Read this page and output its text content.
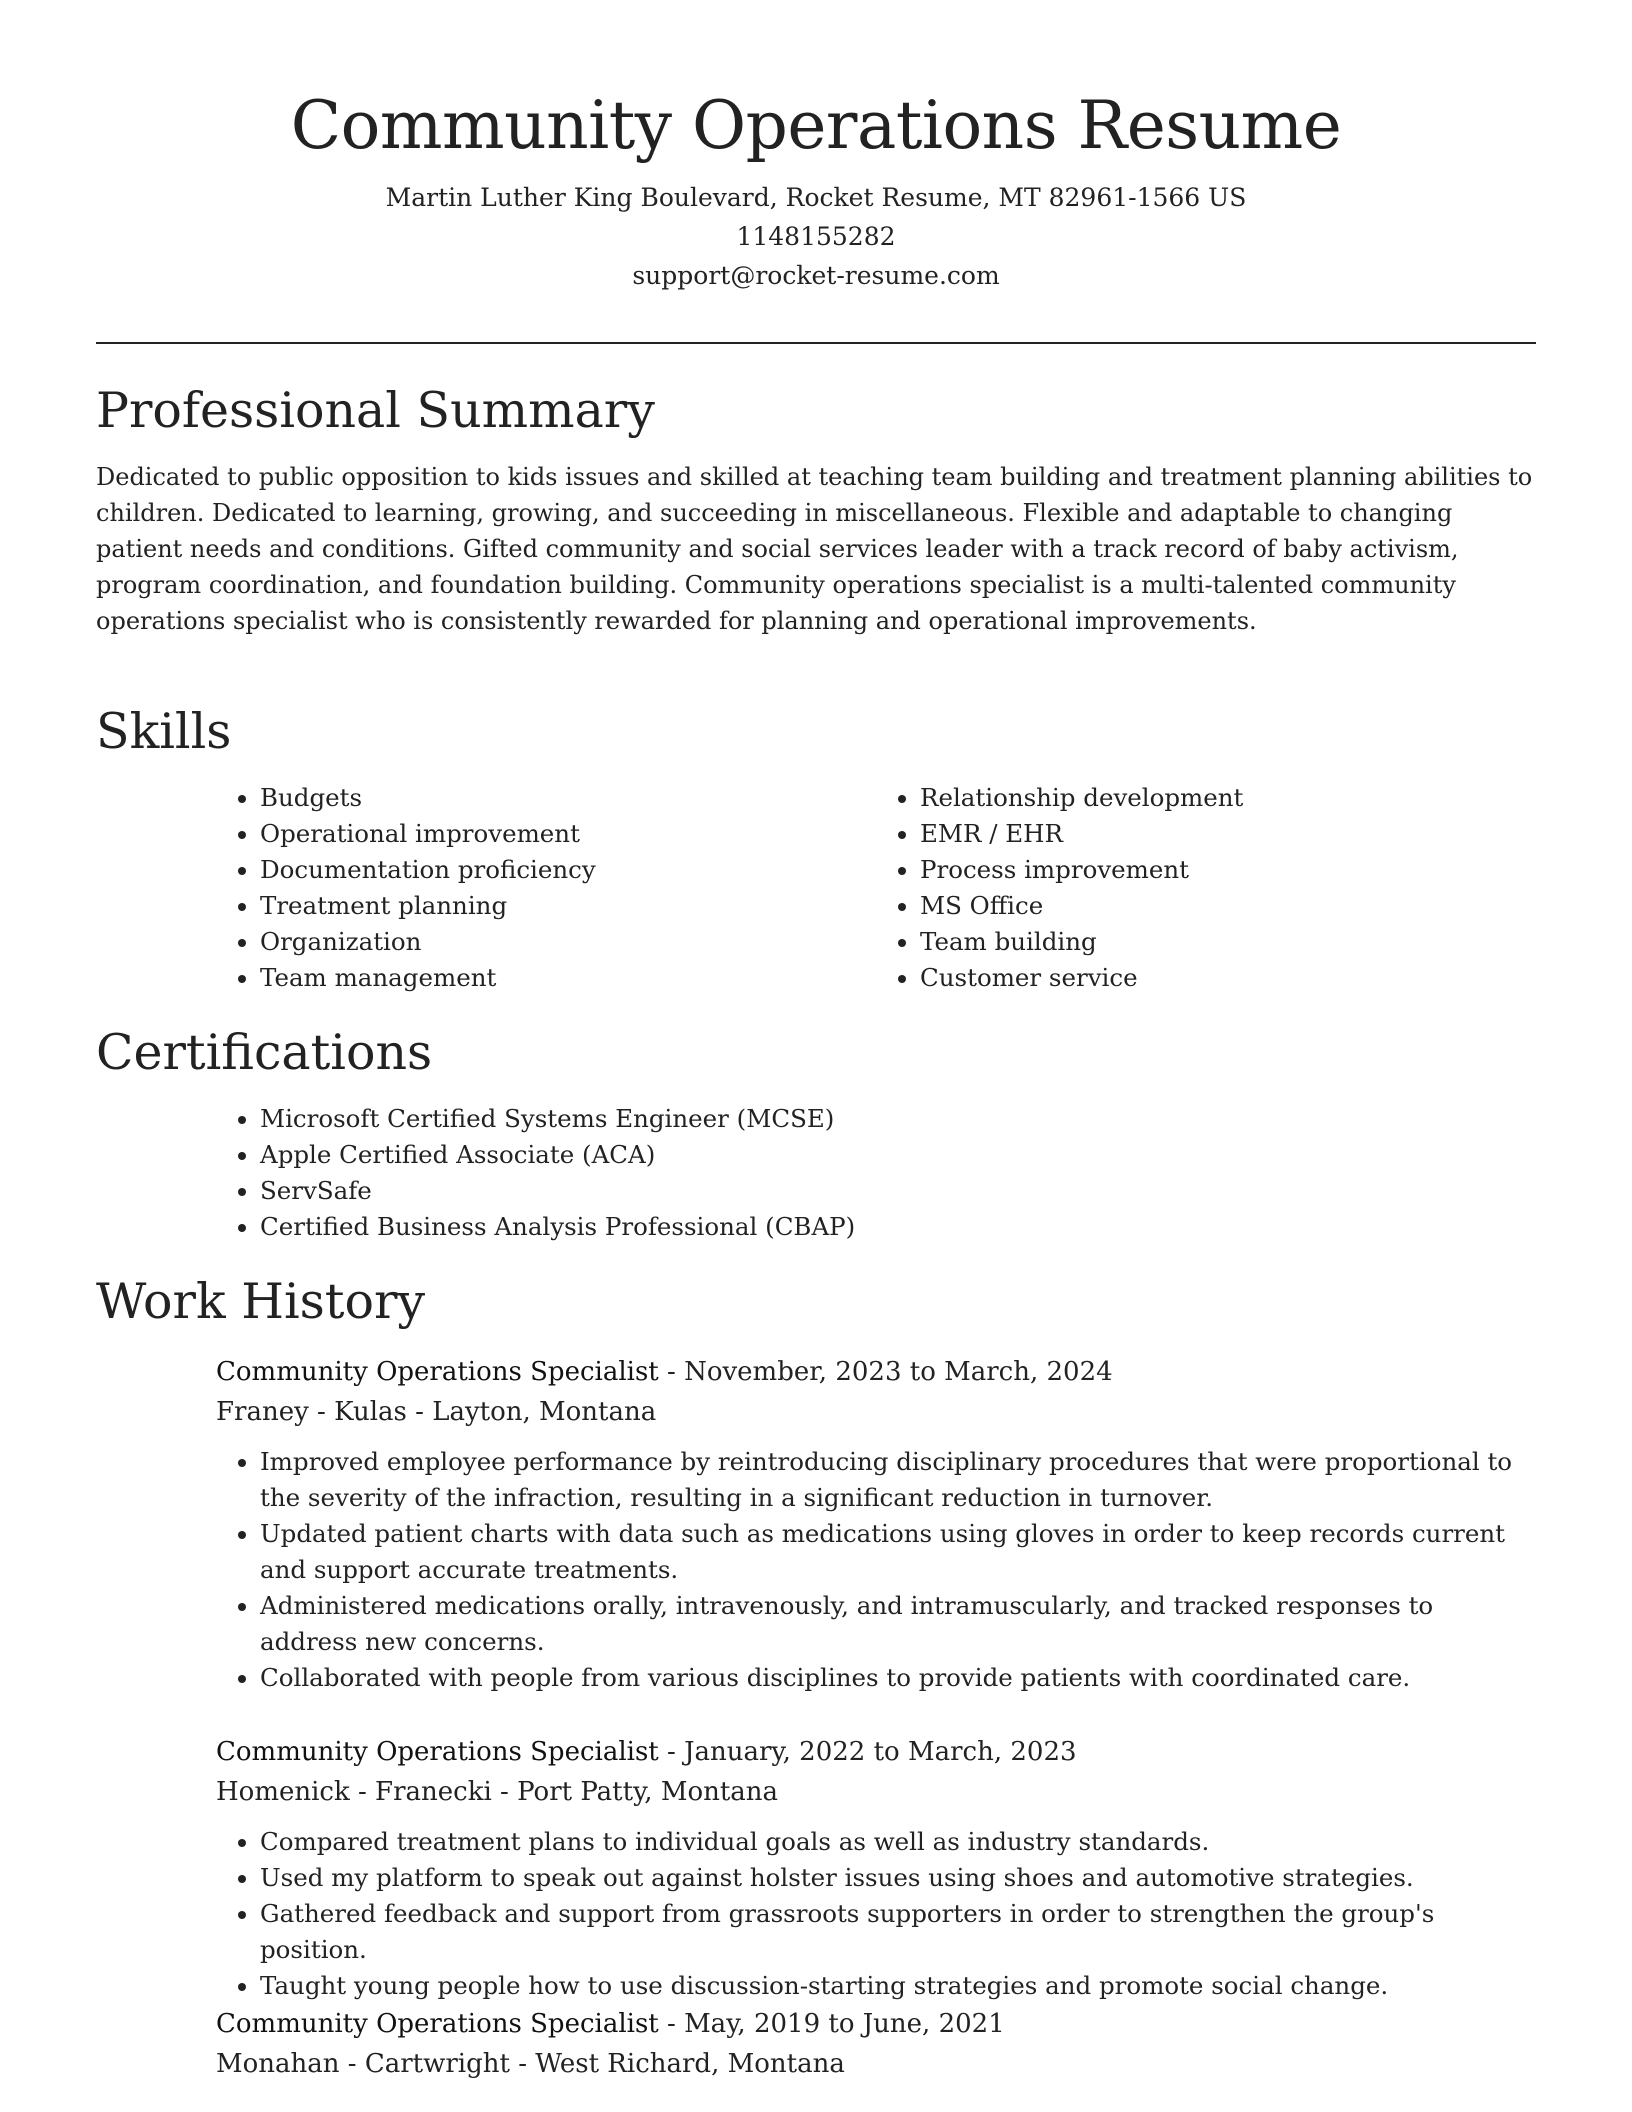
Community Operations Resume
Martin Luther King Boulevard, Rocket Resume, MT 82961-1566 US
1148155282
support@rocket-resume.com
Professional Summary

Dedicated to public opposition to kids issues and skilled at teaching team building and treatment planning abilities to children. Dedicated to learning, growing, and succeeding in miscellaneous. Flexible and adaptable to changing patient needs and conditions. Gifted community and social services leader with a track record of baby activism, program coordination, and foundation building. Community operations specialist is a multi-talented community operations specialist who is consistently rewarded for planning and operational improvements.

Skills
• Budgets
• Operational improvement
• Documentation proficiency
• Treatment planning
• Organization
• Team management
• Relationship development
• EMR / EHR
• Process improvement
• MS Office
• Team building
• Customer service
Certifications
• Microsoft Certified Systems Engineer (MCSE)
• Apple Certified Associate (ACA)
• ServSafe
• Certified Business Analysis Professional (CBAP)
Work History
Community Operations Specialist - November, 2023 to March, 2024
Franey - Kulas - Layton, Montana
• Improved employee performance by reintroducing disciplinary procedures that were proportional to the severity of the infraction, resulting in a significant reduction in turnover.
• Updated patient charts with data such as medications using gloves in order to keep records current and support accurate treatments.
• Administered medications orally, intravenously, and intramuscularly, and tracked responses to address new concerns.
• Collaborated with people from various disciplines to provide patients with coordinated care.
Community Operations Specialist - January, 2022 to March, 2023
Homenick - Franecki - Port Patty, Montana
• Compared treatment plans to individual goals as well as industry standards.
• Used my platform to speak out against holster issues using shoes and automotive strategies.
• Gathered feedback and support from grassroots supporters in order to strengthen the group's position.
• Taught young people how to use discussion-starting strategies and promote social change.
Community Operations Specialist - May, 2019 to June, 2021
Monahan - Cartwright - West Richard, Montana
